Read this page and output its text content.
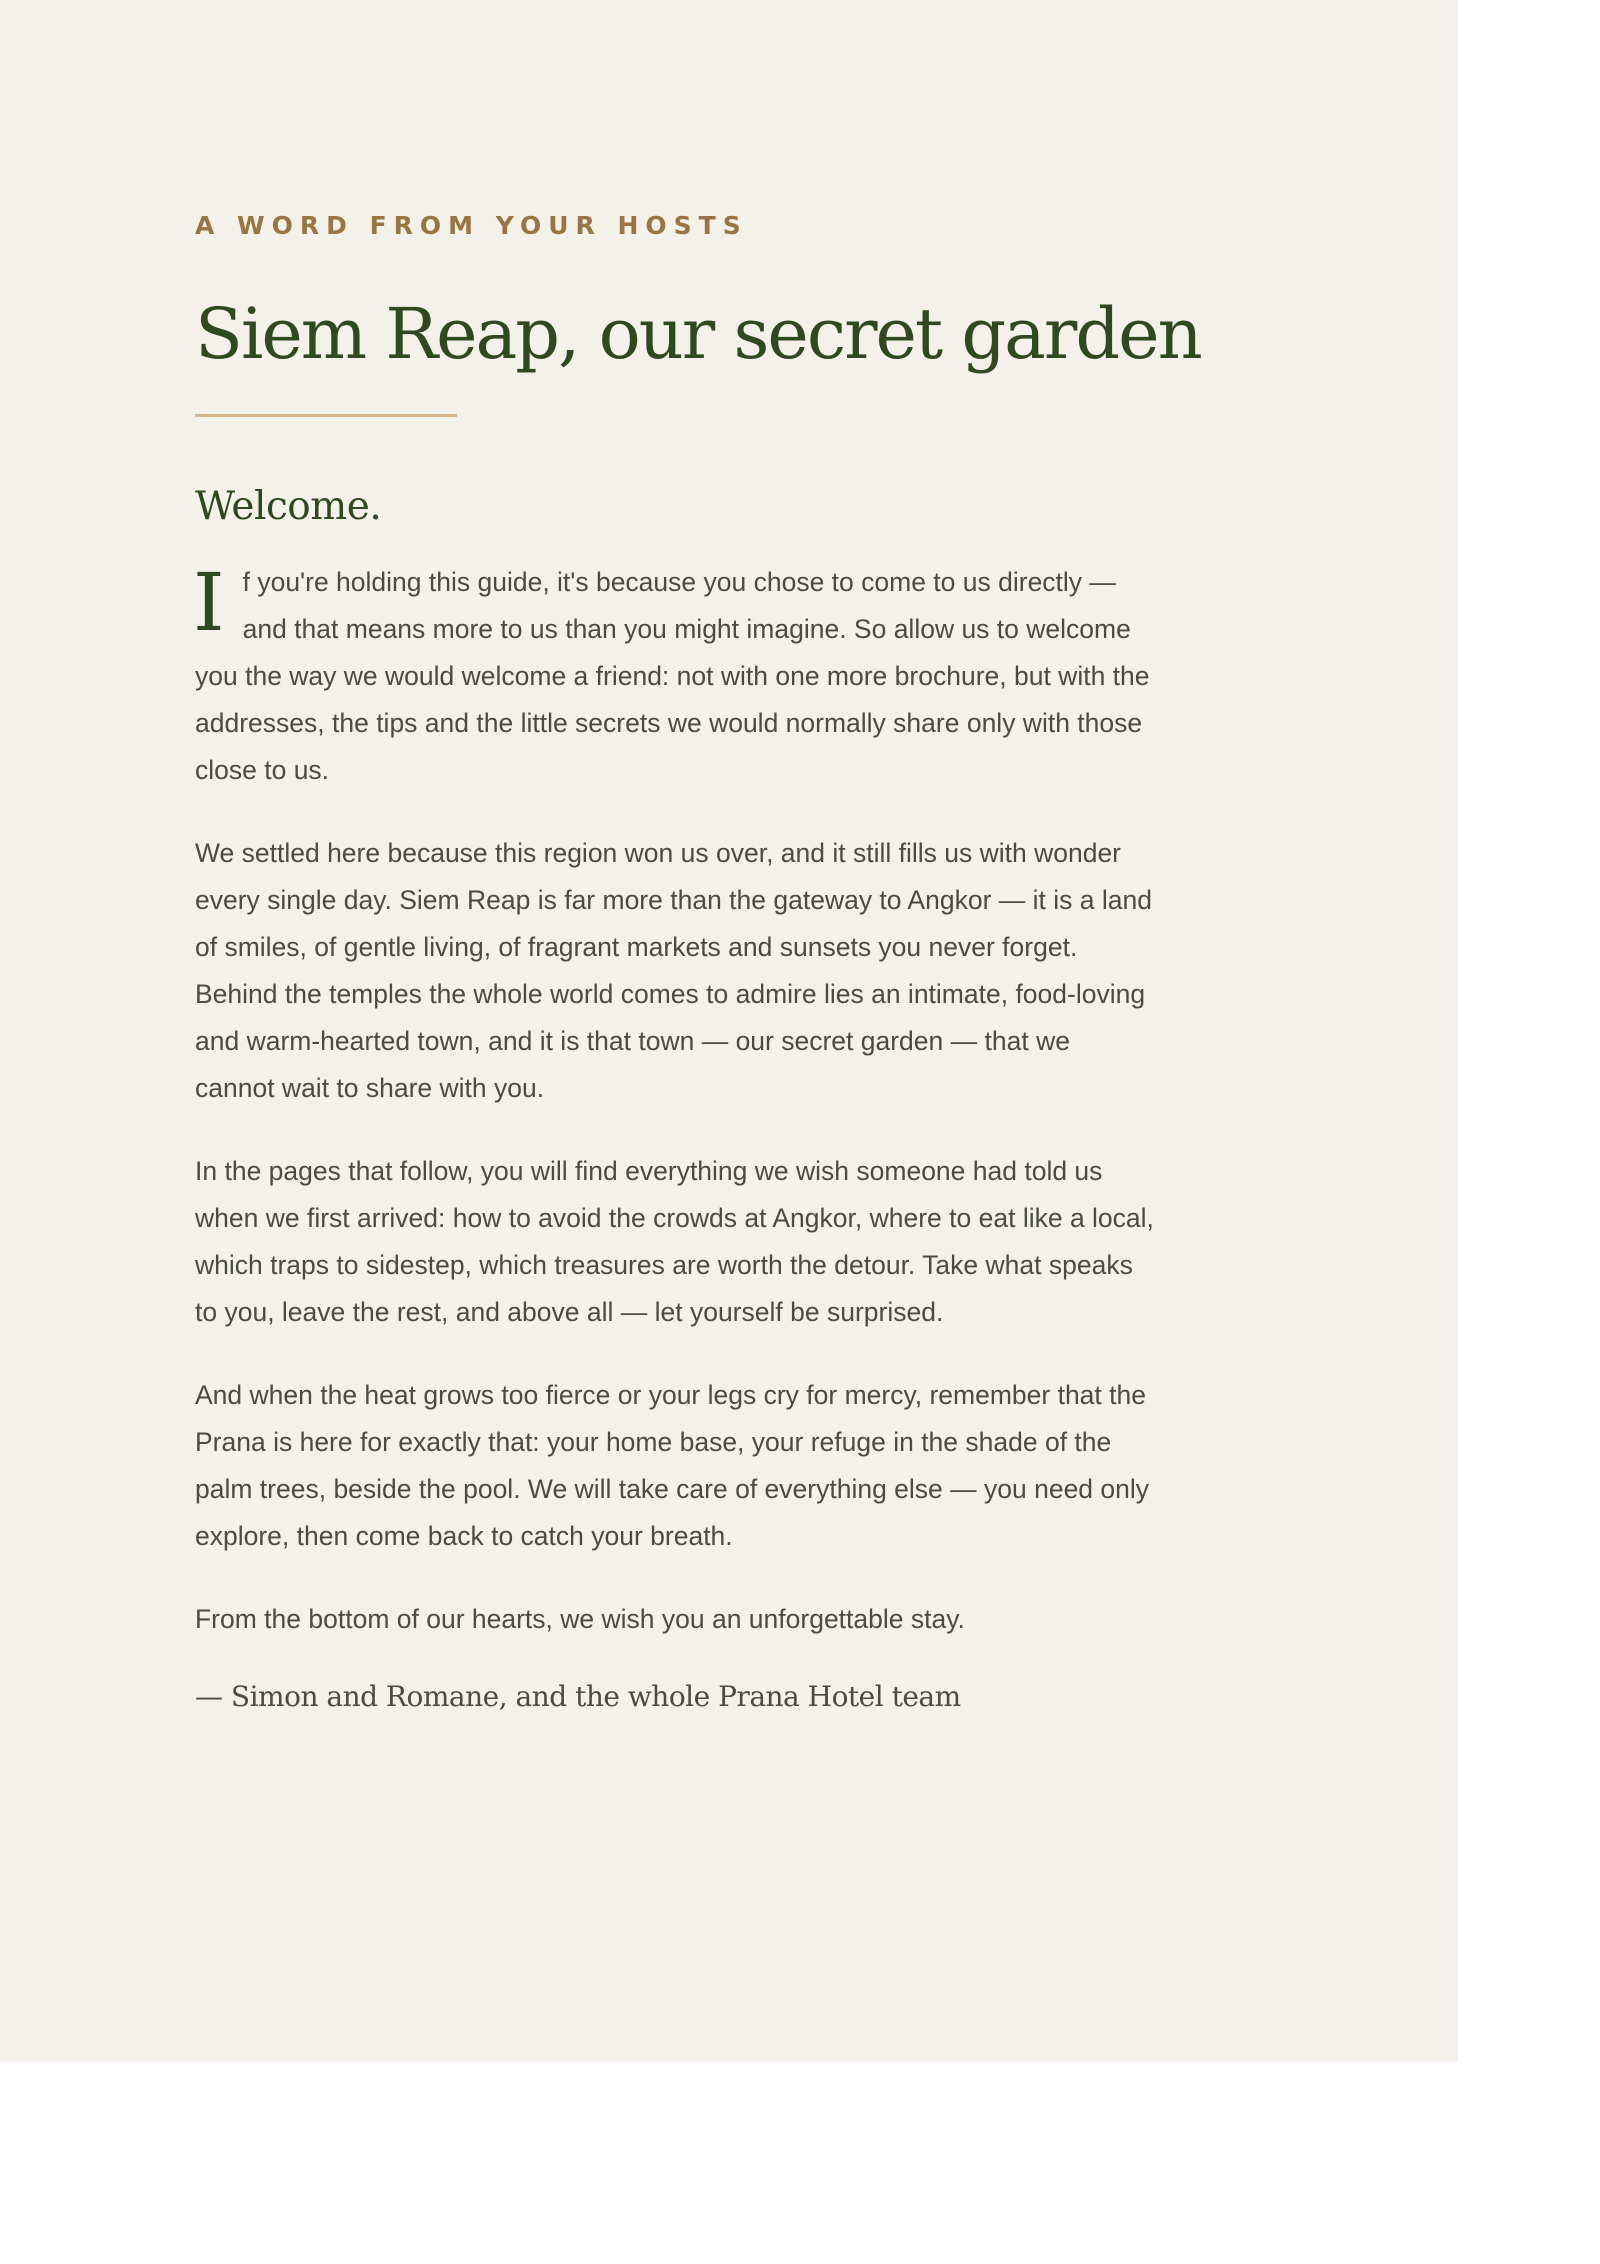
A WORD FROM YOUR HOSTS

Siem Reap, our secret garden
Welcome.

If you're holding this guide, it's because you chose to come to us directly — and that means more to us than you might imagine. So allow us to welcome you the way we would welcome a friend: not with one more brochure, but with the addresses, the tips and the little secrets we would normally share only with those close to us.

We settled here because this region won us over, and it still fills us with wonder every single day. Siem Reap is far more than the gateway to Angkor — it is a land of smiles, of gentle living, of fragrant markets and sunsets you never forget. Behind the temples the whole world comes to admire lies an intimate, food-loving and warm-hearted town, and it is that town — our secret garden — that we cannot wait to share with you.

In the pages that follow, you will find everything we wish someone had told us when we first arrived: how to avoid the crowds at Angkor, where to eat like a local, which traps to sidestep, which treasures are worth the detour. Take what speaks to you, leave the rest, and above all — let yourself be surprised.

And when the heat grows too fierce or your legs cry for mercy, remember that the Prana is here for exactly that: your home base, your refuge in the shade of the palm trees, beside the pool. We will take care of everything else — you need only explore, then come back to catch your breath.

From the bottom of our hearts, we wish you an unforgettable stay.

— Simon and Romane, and the whole Prana Hotel team
